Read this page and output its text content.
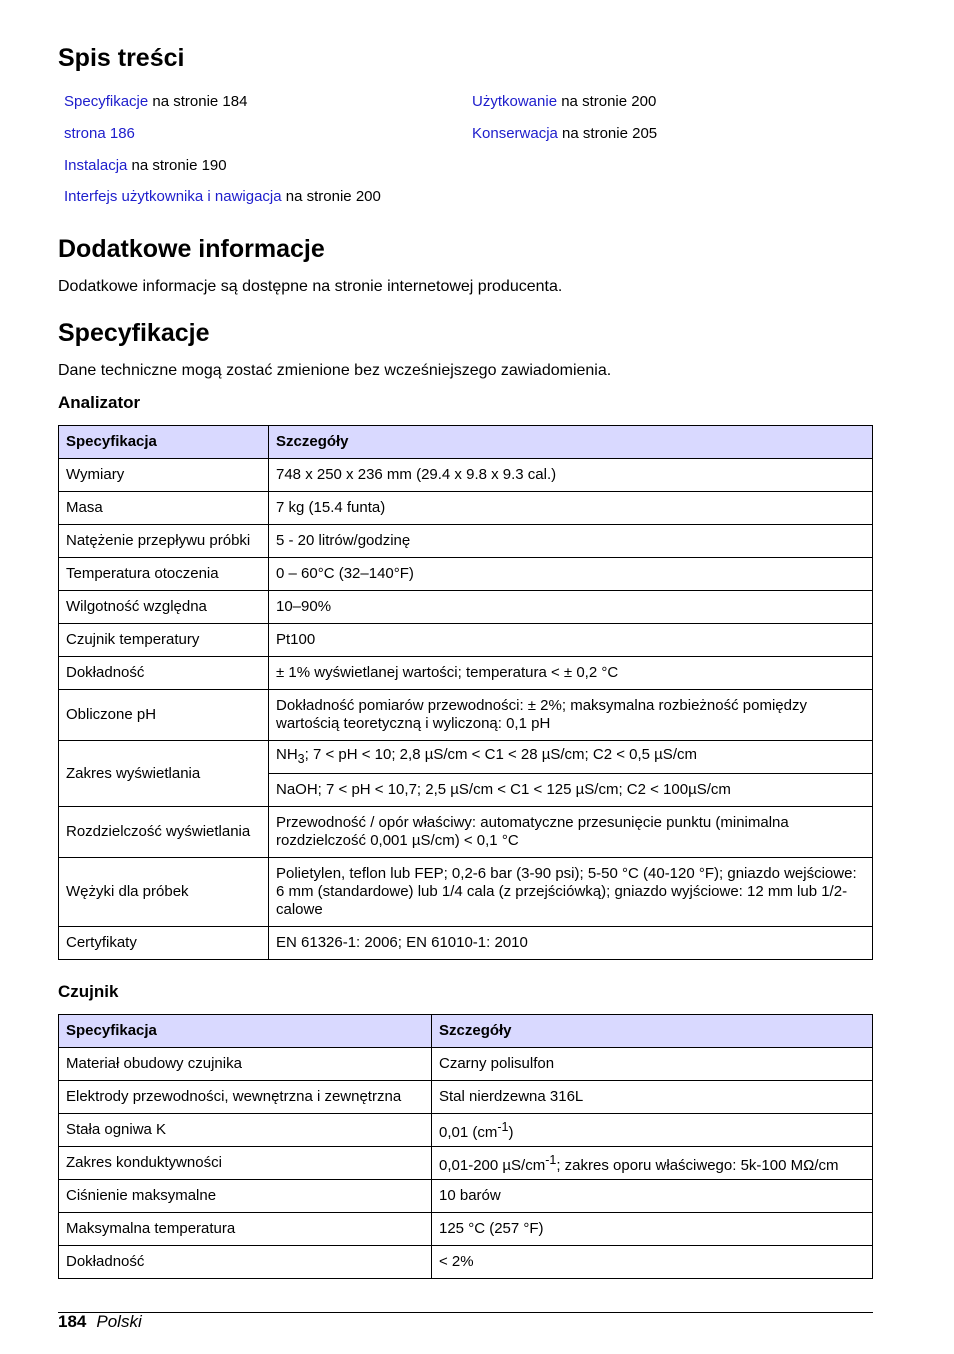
Spis treści
Specyfikacje na stronie 184
strona 186
Instalacja na stronie 190
Interfejs użytkownika i nawigacja na stronie 200
Użytkowanie na stronie 200
Konserwacja na stronie 205
Dodatkowe informacje
Dodatkowe informacje są dostępne na stronie internetowej producenta.
Specyfikacje
Dane techniczne mogą zostać zmienione bez wcześniejszego zawiadomienia.
Analizator
Specyfikacja	Szczegóły
Wymiary	748 x 250 x 236 mm (29.4 x 9.8 x 9.3 cal.)
Masa	7 kg (15.4 funta)
Natężenie przepływu próbki	5 - 20 litrów/godzinę
Temperatura otoczenia	0 – 60°C (32–140°F)
Wilgotność względna	10–90%
Czujnik temperatury	Pt100
Dokładność	± 1% wyświetlanej wartości; temperatura < ± 0,2 °C
Obliczone pH	Dokładność pomiarów przewodności: ± 2%; maksymalna rozbieżność pomiędzy wartością teoretyczną i wyliczoną: 0,1 pH
Zakres wyświetlania	$NH_3$; 7 < pH < 10; 2,8 µS/cm < C1 < 28 µS/cm; C2 < 0,5 µS/cm
	NaOH; 7 < pH < 10,7; 2,5 µS/cm < C1 < 125 µS/cm; C2 < 100µS/cm
Rozdzielczość wyświetlania	Przewodność / opór właściwy: automatyczne przesunięcie punktu (minimalna rozdzielczość 0,001 µS/cm) < 0,1 °C
Wężyki dla próbek	Polietylen, teflon lub FEP; 0,2-6 bar (3-90 psi); 5-50 °C (40-120 °F); gniazdo wejściowe: 6 mm (standardowe) lub 1/4 cala (z przejściówką); gniazdo wyjściowe: 12 mm lub 1/2-calowe
Certyfikaty	EN 61326-1: 2006; EN 61010-1: 2010
Czujnik
Specyfikacja	Szczegóły
Materiał obudowy czujnika	Czarny polisulfon
Elektrody przewodności, wewnętrzna i zewnętrzna	Stal nierdzewna 316L
Stała ogniwa K	0,01 $(cm^{-1})$
Zakres konduktywności	0,01-200 $\mu S/cm^{-1}$; zakres oporu właściwego: 5k-100 MΩ/cm
Ciśnienie maksymalne	10 barów
Maksymalna temperatura	125 °C (257 °F)
Dokładność	< 2%
184 Polski
